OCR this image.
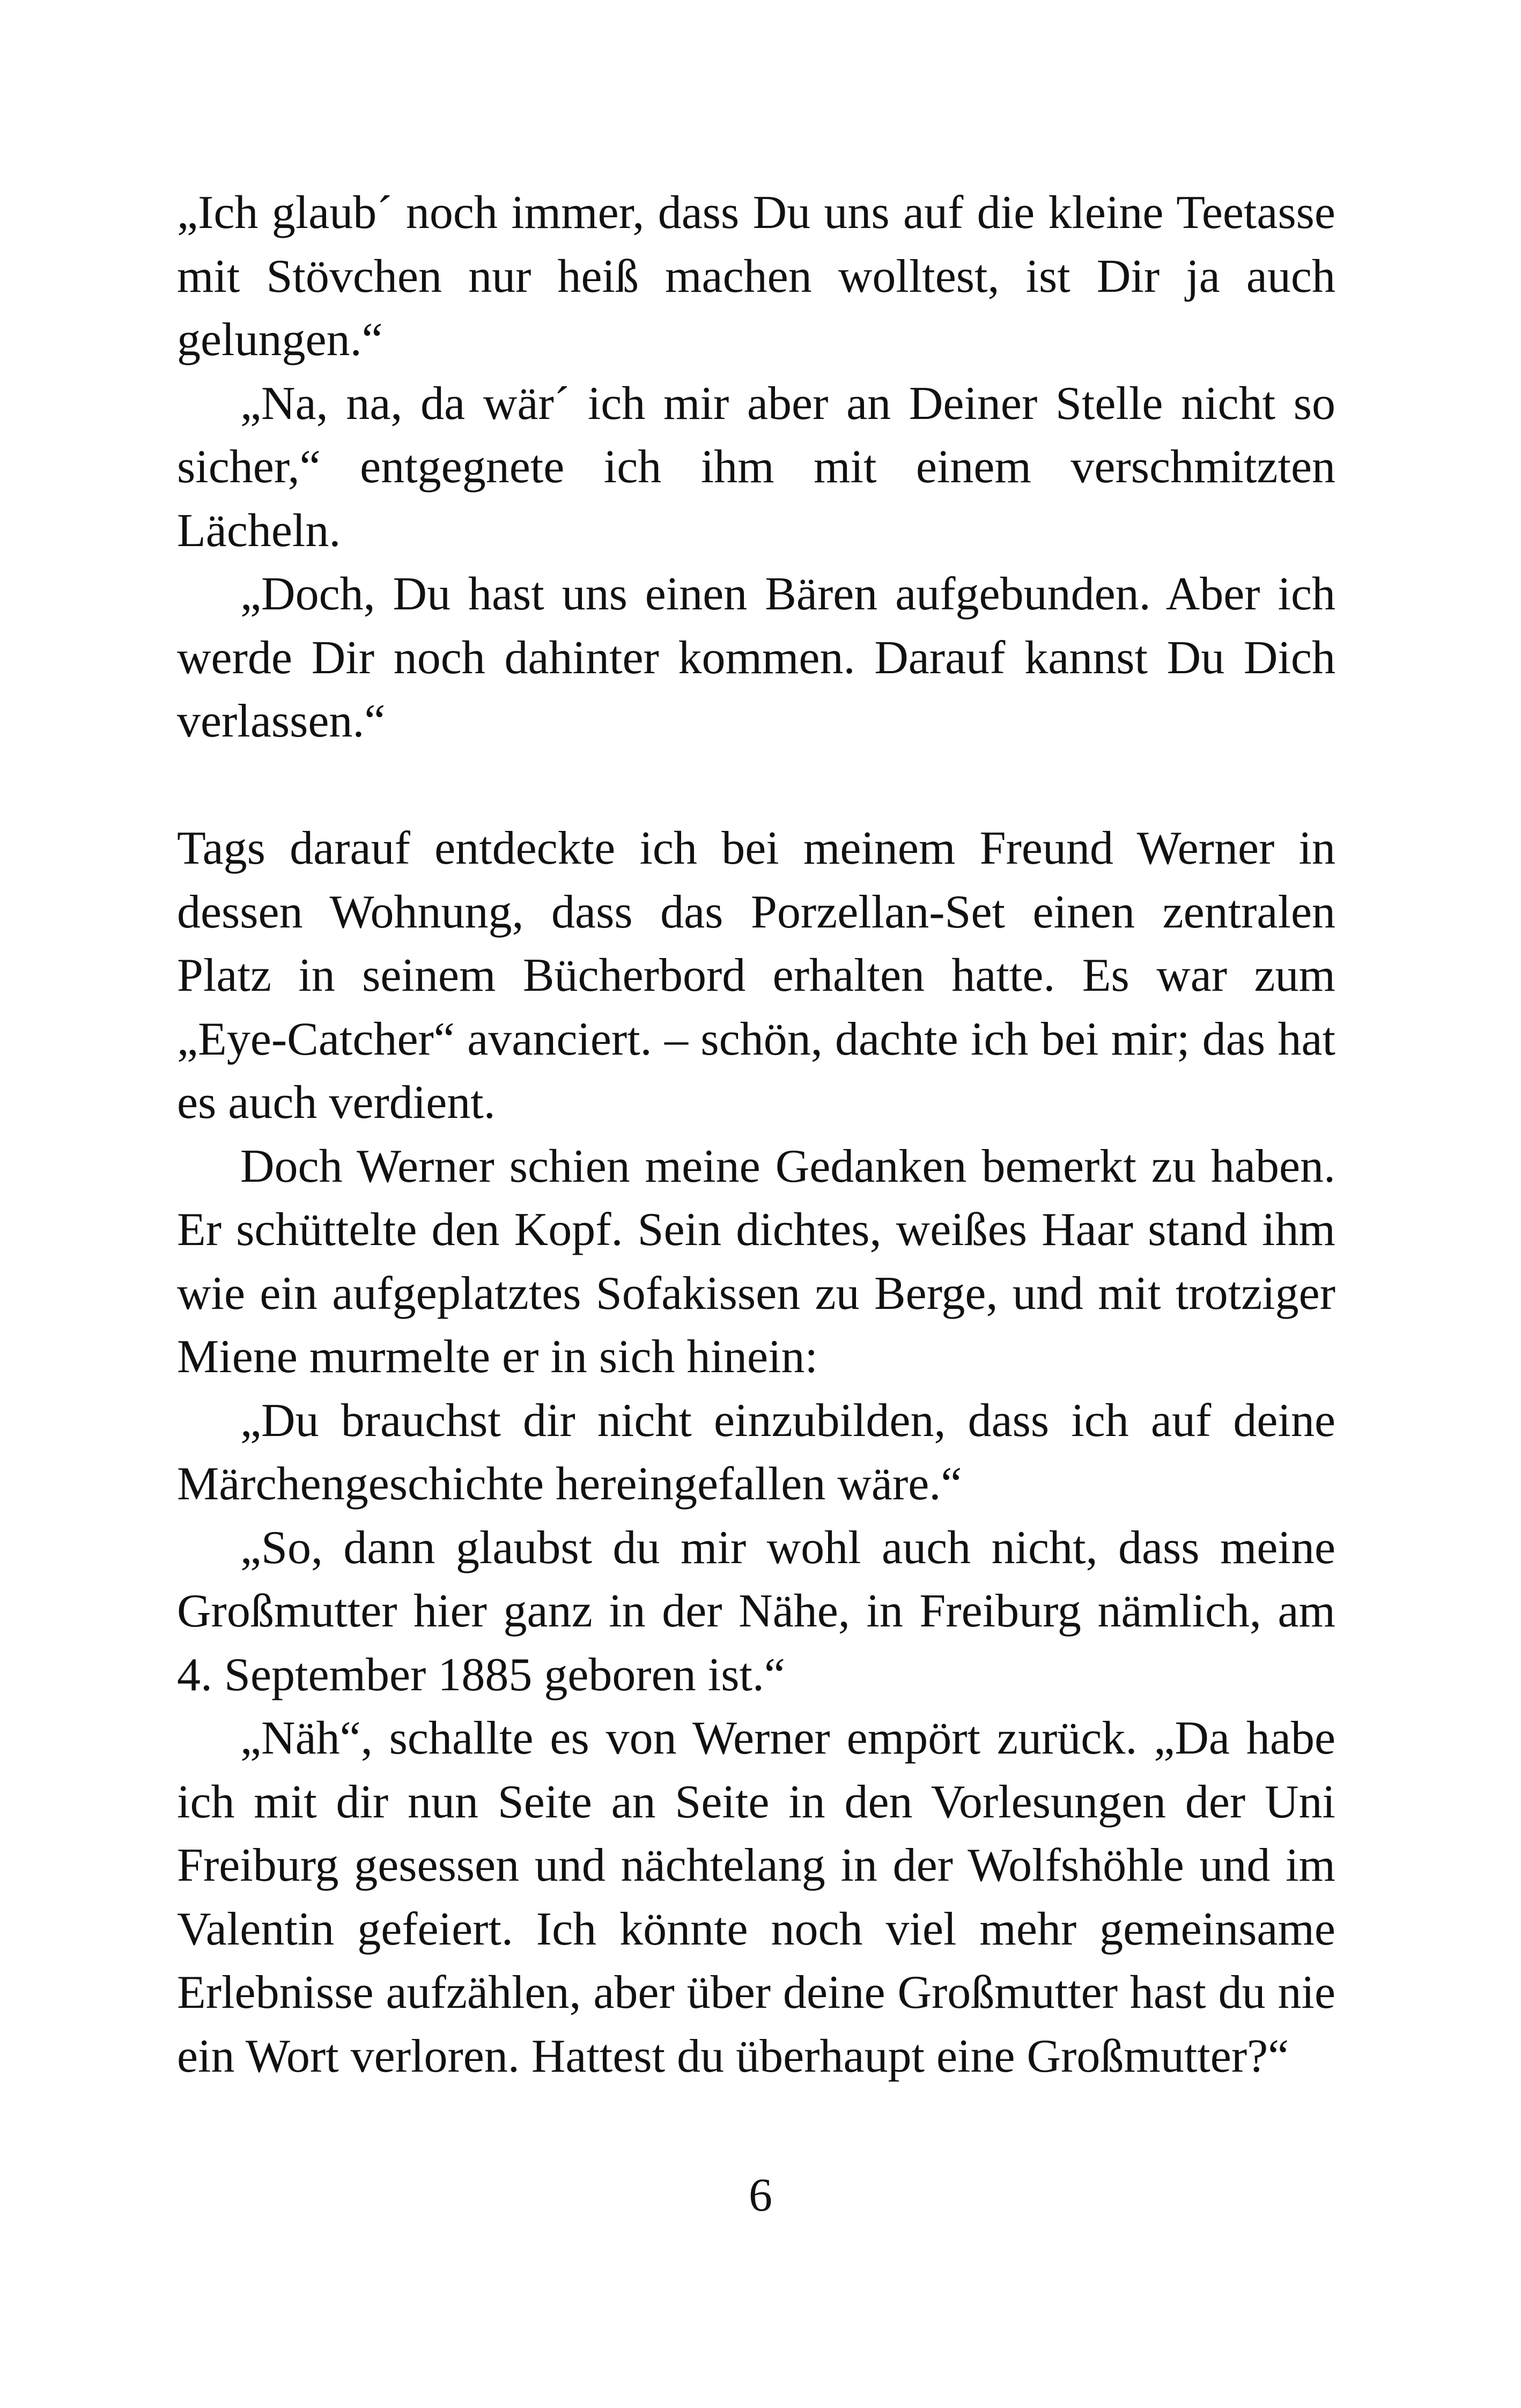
„Ich glaub´ noch immer, dass Du uns auf die kleine Teetasse mit Stövchen nur heiß machen wolltest, ist Dir ja auch gelungen.“

„Na, na, da wär´ ich mir aber an Deiner Stelle nicht so sicher,“ entgegnete ich ihm mit einem verschmitzten Lächeln.

„Doch, Du hast uns einen Bären aufgebunden. Aber ich werde Dir noch dahinter kommen. Darauf kannst Du Dich verlassen.“

Tags darauf entdeckte ich bei meinem Freund Werner in dessen Wohnung, dass das Porzellan-Set einen zentralen Platz in seinem Bücherbord erhalten hatte. Es war zum „Eye-Catcher“ avanciert. – schön, dachte ich bei mir; das hat es auch verdient.

Doch Werner schien meine Gedanken bemerkt zu haben. Er schüttelte den Kopf. Sein dichtes, weißes Haar stand ihm wie ein aufgeplatztes Sofakissen zu Berge, und mit trotziger Miene murmelte er in sich hinein:

„Du brauchst dir nicht einzubilden, dass ich auf deine Märchengeschichte hereingefallen wäre.“

„So, dann glaubst du mir wohl auch nicht, dass meine Großmutter hier ganz in der Nähe, in Freiburg nämlich, am 4. September 1885 geboren ist.“

„Näh“, schallte es von Werner empört zurück. „Da habe ich mit dir nun Seite an Seite in den Vorlesungen der Uni Freiburg gesessen und nächtelang in der Wolfshöhle und im Valentin gefeiert. Ich könnte noch viel mehr gemeinsame Erlebnisse aufzählen, aber über deine Großmutter hast du nie ein Wort verloren. Hattest du überhaupt eine Großmutter?“

6
